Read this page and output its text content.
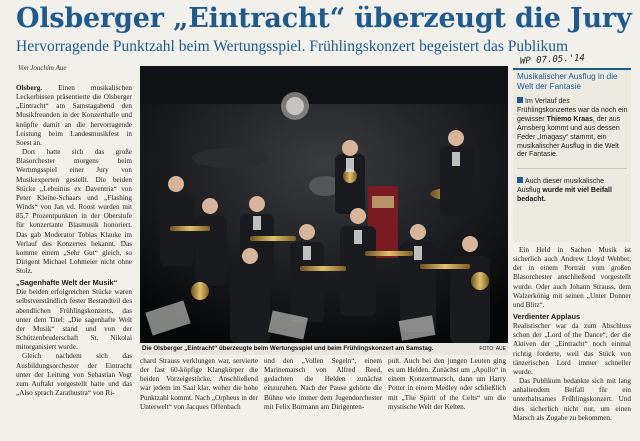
Olsberger „Eintracht“ überzeugt die Jury
Hervorragende Punktzahl beim Wertungsspiel. Frühlingskonzert begeistert das Publikum
Von Joachim Aue
WP 07.05.'14

Olsberg. Einen musikalischen Leckerbissen präsentierte die Olsberger „Eintracht“ am Samstagabend den Musikfreunden in der Konzerthalle und knüpfte damit an die hervorragende Leistung beim Landesmusikfest in Soest an.

Dort hatte sich das große Blasorchester morgens beim Wertungsspiel einer Jury von Musikexperten gestellt. Die beiden Stücke „Lebuinus ex Daventria“ von Peter Kleine-Schaars und „Flashing Winds“ von Jan vd. Roost wurden mit 85,7 Prozentpunkten in der Oberstufe für konzertante Blasmusik honoriert. Das gab Moderator Tobias Klauke im Verlauf des Konzertes bekannt. Das komme einem „Sehr Gut“ gleich, so Dirigent Michael Lohmeier nicht ohne Stolz.

„Sagenhafte Welt der Musik“

Die beiden erfolgreichen Stücke waren selbstverständlich fester Bestandteil des abendlichen Frühlingskonzerts, das unter dem Titel: „Die sagenhafte Welt der Musik“ stand und von der Schützenbruderschaft St. Nikolai mitorganisiert wurde.

Gleich nachdem sich das Ausbildungsorchester der Eintracht unter der Leitung von Sebastian Vogt zum Auftakt vorgestellt hatte und das „Also sprach Zarathustra“ von Ri-

Die Olsberger „Eintracht“ überzeugte beim Wertungsspiel und beim Frühlingskonzert am Samstag.	FOTO: AUE

chard Strauss verklungen war, servierte der fast 60-köpfige Klangkörper die beiden Vorzeigestücke. Anschließend war jedem im Saal klar, woher die hohe Punktzahl kommt. Nach „Orpheus in der Unterwelt“ von Jacques Offenbach

und den „Vollen Segeln“, einem Marinemarsch von Alfred Reed, gedachten die Helden zunächst einzuruhen. Nach der Pause gehörte die Bühne wie immer dem Jugendorchester mit Felix Burmann am Dirigenten-

pult. Auch bei den jungen Leuten ging es um Helden. Zunächst um „Apollo“ in einem Konzertmarsch, dann um Harry Potter in einem Medley oder schließlich mit „The Spirit of the Celts“ um die mystische Welt der Kelten.

Musikalischer Ausflug in die Welt der Fantasie
Im Verlauf des Frühlingskonzertes war da noch ein gewisser Thiemo Kraas, der aus Arnsberg kommt und aus dessen Feder „Imagasy“ stammt, ein musikalischer Ausflug in die Welt der Fantasie.
Auch dieser musikalische Ausflug wurde mit viel Beifall bedacht.

Ein Held in Sachen Musik ist sicherlich auch Andrew Lloyd Webber, der in einem Portrait vom großen Blasorchester anschließend vorgestellt wurde. Oder auch Johann Strauss, dem Walzerkönig mit seinen „Unter Donner und Blitz“.

Verdienter Applaus

Realistischer war da zum Abschluss schon der „Lord of the Dance“, der die Aktiven der „Eintracht“ noch einmal richtig forderte, weil das Stück von tänzerischen Lord immer schneller wurde.

Das Publikum bedankte sich mit lang anhaltendem Beifall für ein unterhaltsames Frühlingskonzert. Und dies sicherlich nicht nur, um einen Marsch als Zugabe zu bekommen.
